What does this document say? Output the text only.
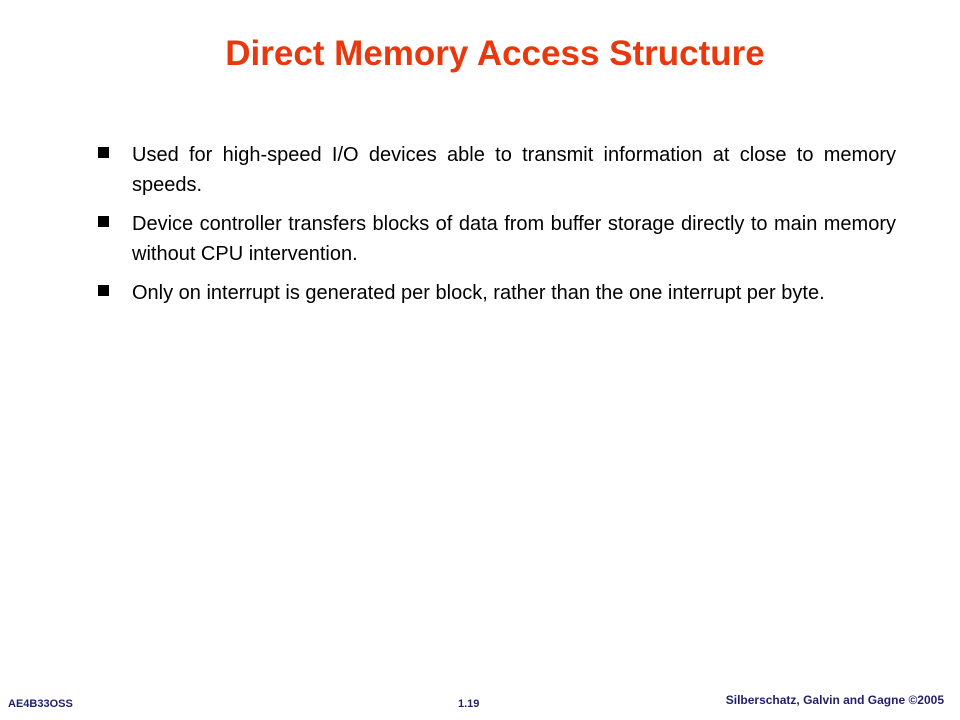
Direct Memory Access Structure
Used for high-speed I/O devices able to transmit information at close to memory speeds.
Device controller transfers blocks of data from buffer storage directly to main memory without CPU intervention.
Only on interrupt is generated per block, rather than the one interrupt per byte.
AE4B33OSS	1.19	Silberschatz, Galvin and Gagne ©2005
